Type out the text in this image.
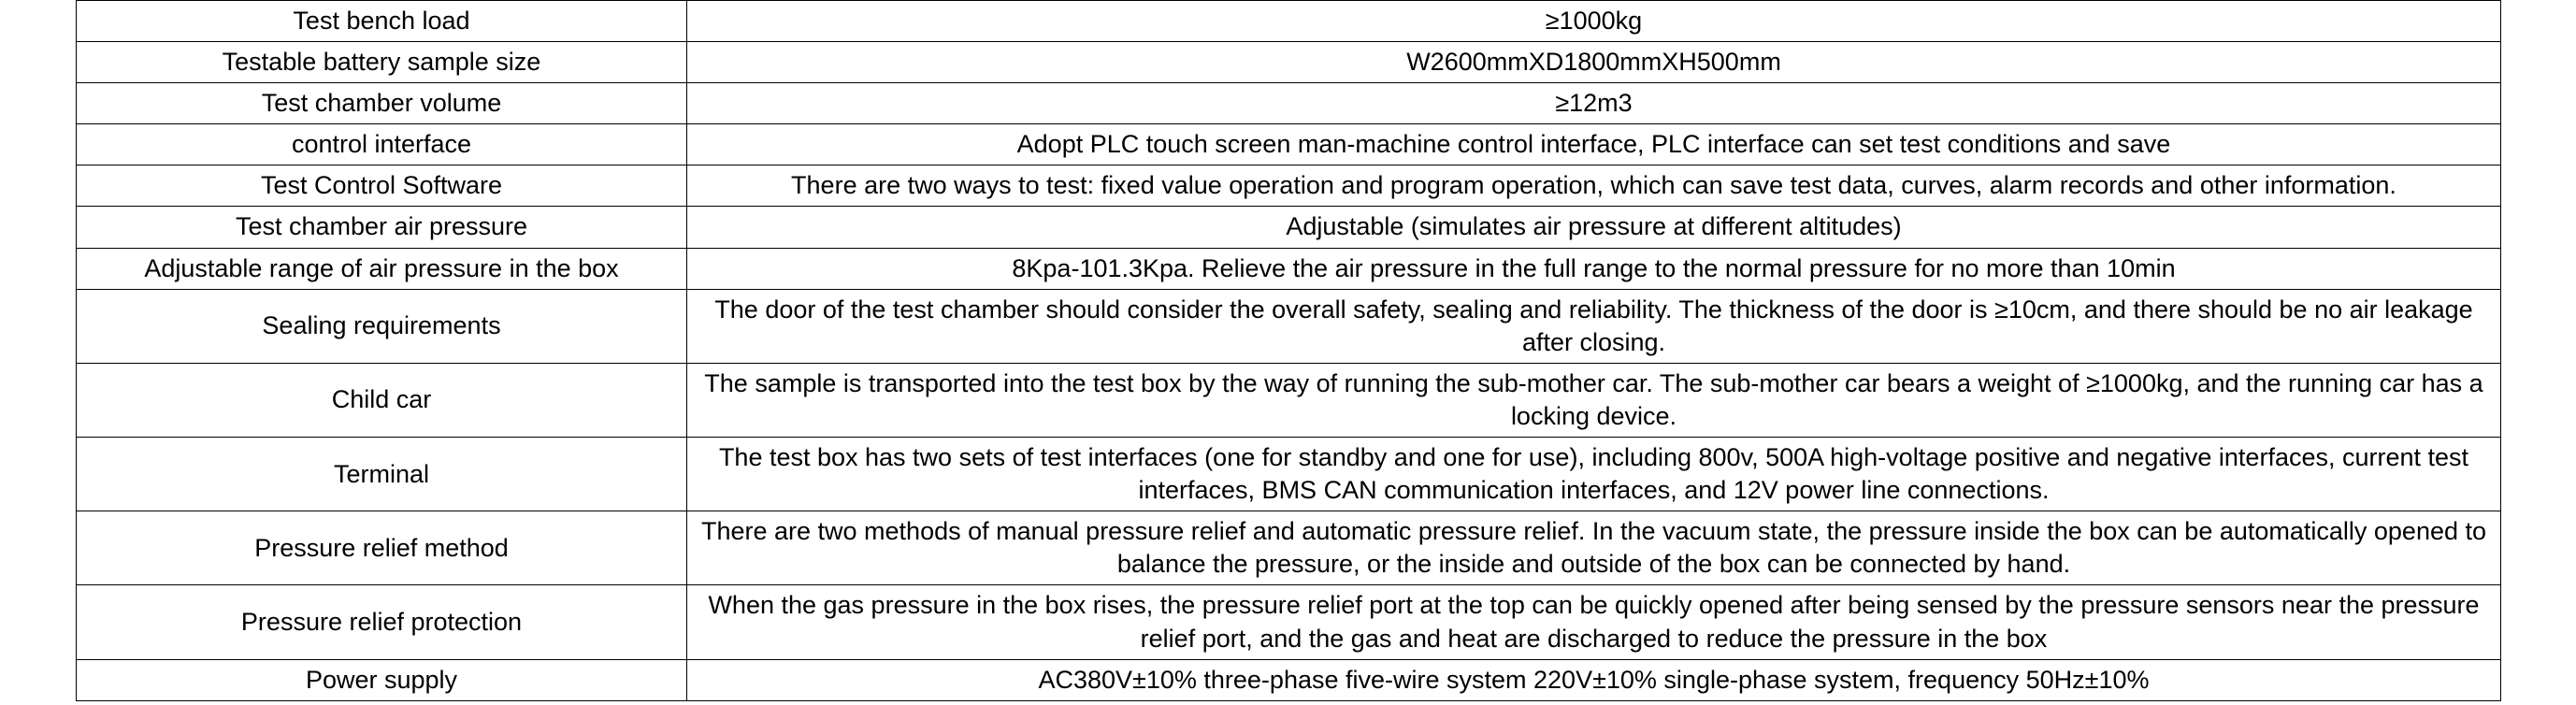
Test bench load	≥1000kg
Testable battery sample size	W2600mmXD1800mmXH500mm
Test chamber volume	≥12m3
control interface	Adopt PLC touch screen man-machine control interface, PLC interface can set test conditions and save
Test Control Software	There are two ways to test: fixed value operation and program operation, which can save test data, curves, alarm records and other information.
Test chamber air pressure	Adjustable (simulates air pressure at different altitudes)
Adjustable range of air pressure in the box	8Kpa-101.3Kpa. Relieve the air pressure in the full range to the normal pressure for no more than 10min
Sealing requirements	The door of the test chamber should consider the overall safety, sealing and reliability. The thickness of the door is ≥10cm, and there should be no air leakage after closing.
Child car	The sample is transported into the test box by the way of running the sub-mother car. The sub-mother car bears a weight of ≥1000kg, and the running car has a locking device.
Terminal	The test box has two sets of test interfaces (one for standby and one for use), including 800v, 500A high-voltage positive and negative interfaces, current test interfaces, BMS CAN communication interfaces, and 12V power line connections.
Pressure relief method	There are two methods of manual pressure relief and automatic pressure relief. In the vacuum state, the pressure inside the box can be automatically opened to balance the pressure, or the inside and outside of the box can be connected by hand.
Pressure relief protection	When the gas pressure in the box rises, the pressure relief port at the top can be quickly opened after being sensed by the pressure sensors near the pressure relief port, and the gas and heat are discharged to reduce the pressure in the box
Power supply	AC380V±10% three-phase five-wire system 220V±10% single-phase system, frequency 50Hz±10%
